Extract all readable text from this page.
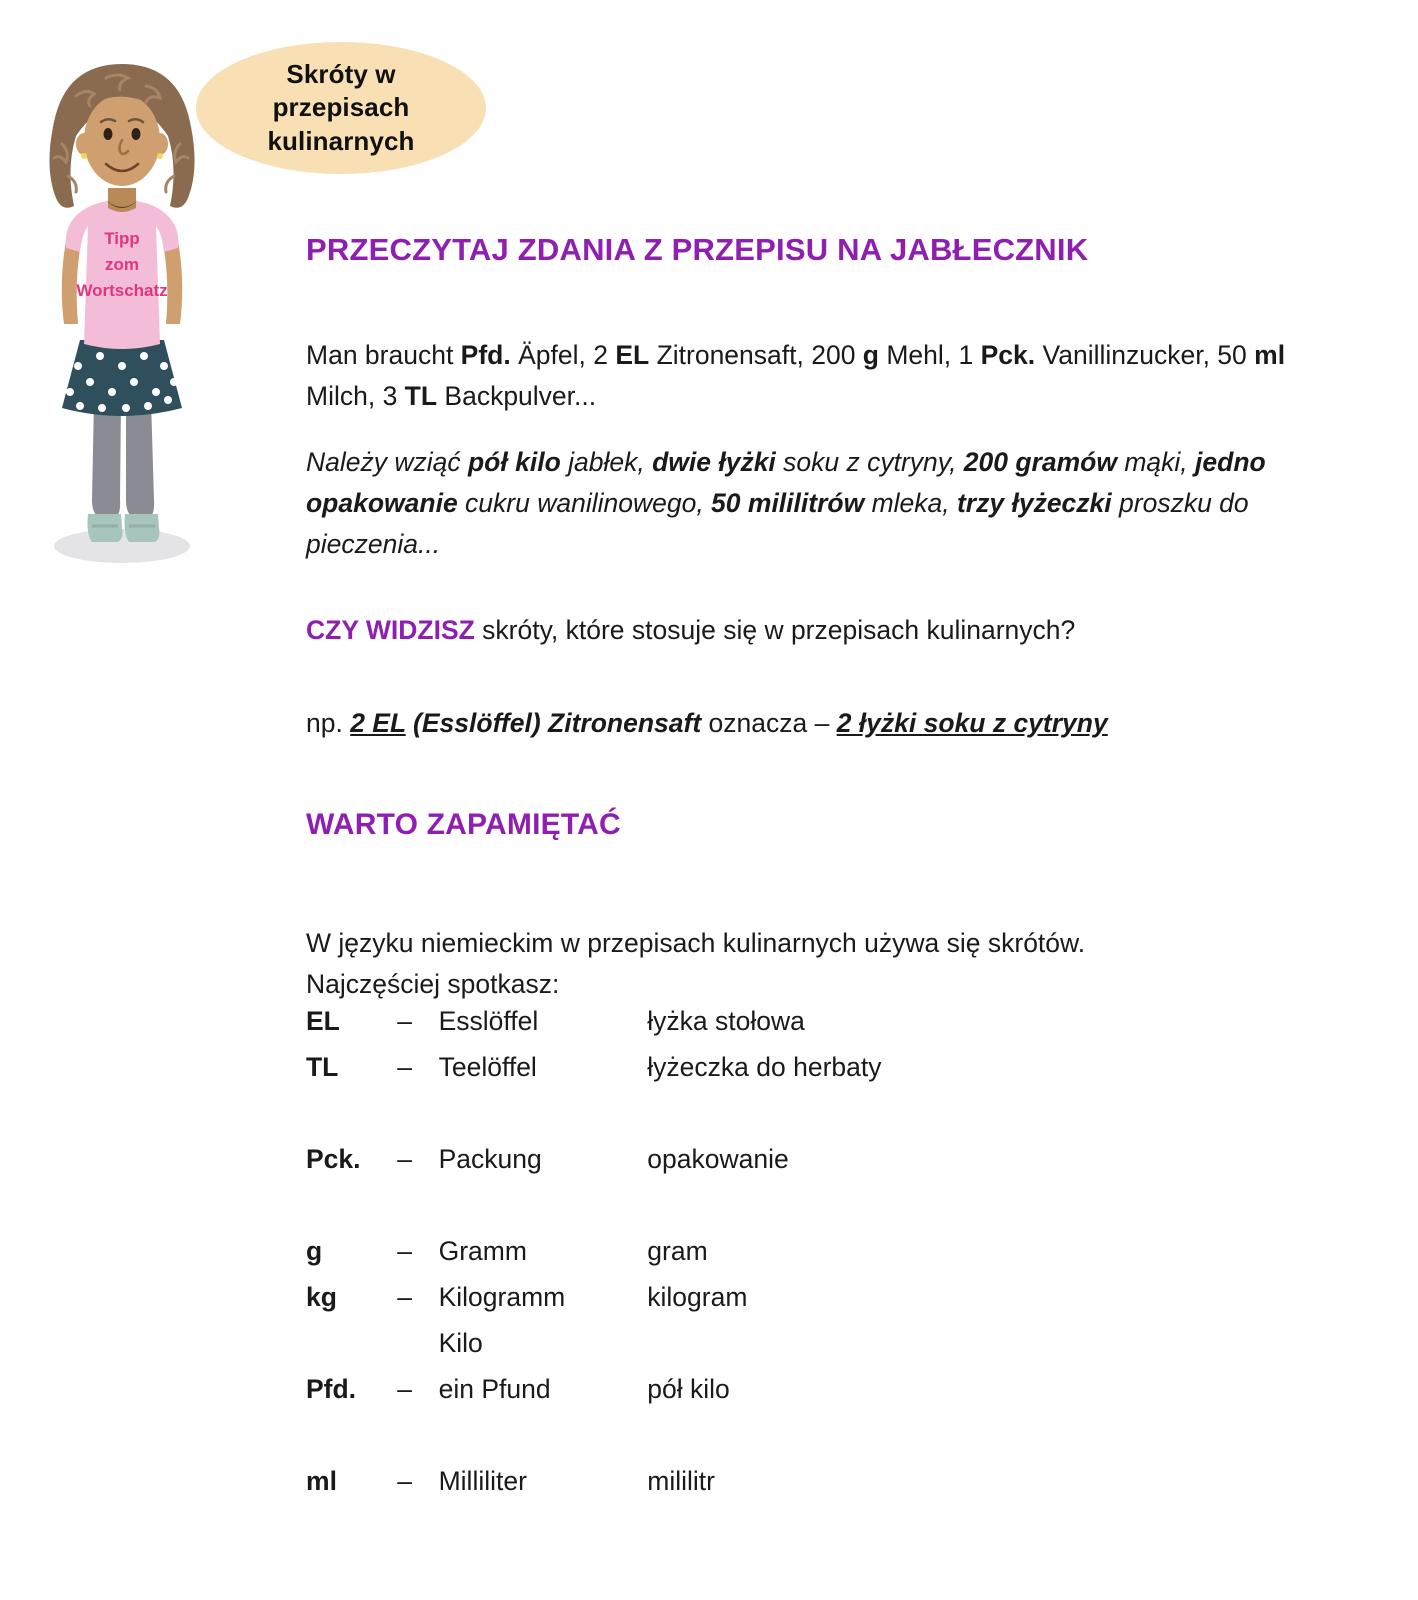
Tipp
zom
Wortschatz
Skróty w przepisach kulinarnych
PRZECZYTAJ ZDANIA Z PRZEPISU NA JABŁECZNIK

Man braucht Pfd. Äpfel, 2 EL Zitronensaft, 200 g Mehl, 1 Pck. Vanillinzucker, 50 ml Milch, 3 TL Backpulver...

Należy wziąć pół kilo jabłek, dwie łyżki soku z cytryny, 200 gramów mąki, jedno opakowanie cukru wanilinowego, 50 mililitrów mleka, trzy łyżeczki proszku do pieczenia...

CZY WIDZISZ skróty, które stosuje się w przepisach kulinarnych?

np. 2 EL (Esslöffel) Zitronensaft oznacza – 2 łyżki soku z cytryny

WARTO ZAPAMIĘTAĆ

W języku niemieckim w przepisach kulinarnych używa się skrótów.
Najczęściej spotkasz:

EL	–	Esslöffel	łyżka stołowa
TL	–	Teelöffel	łyżeczka do herbaty

Pck.	–	Packung	opakowanie

g	–	Gramm	gram
kg	–	Kilogramm	kilogram
		Kilo	
Pfd.	–	ein Pfund	pół kilo

ml	–	Milliliter	mililitr
